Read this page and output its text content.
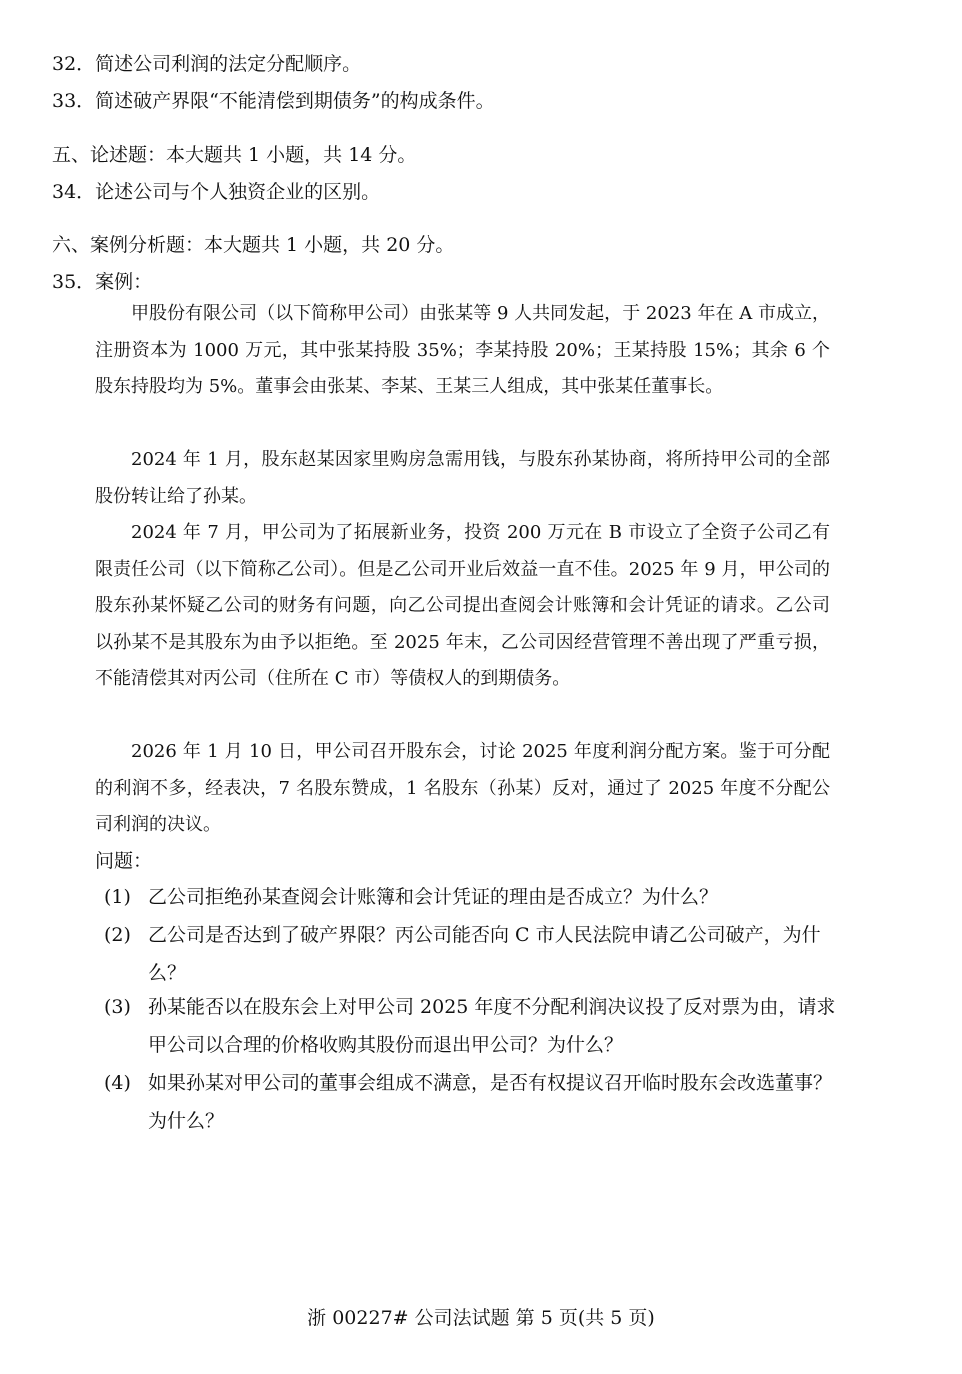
32．简述公司利润的法定分配顺序。
33．简述破产界限“不能清偿到期债务”的构成条件。
五、论述题：本大题共 1 小题，共 14 分。
34．论述公司与个人独资企业的区别。
六、案例分析题：本大题共 1 小题，共 20 分。
35．案例：

甲股份有限公司（以下简称甲公司）由张某等 9 人共同发起，于 2023 年在 A 市成立，注册资本为 1000 万元，其中张某持股 35%；李某持股 20%；王某持股 15%；其余 6 个股东持股均为 5%。董事会由张某、李某、王某三人组成，其中张某任董事长。

2024 年 1 月，股东赵某因家里购房急需用钱，与股东孙某协商，将所持甲公司的全部股份转让给了孙某。

2024 年 7 月，甲公司为了拓展新业务，投资 200 万元在 B 市设立了全资子公司乙有限责任公司（以下简称乙公司）。但是乙公司开业后效益一直不佳。2025 年 9 月，甲公司的股东孙某怀疑乙公司的财务有问题，向乙公司提出查阅会计账簿和会计凭证的请求。乙公司以孙某不是其股东为由予以拒绝。至 2025 年末，乙公司因经营管理不善出现了严重亏损，不能清偿其对丙公司（住所在 C 市）等债权人的到期债务。

2026 年 1 月 10 日，甲公司召开股东会，讨论 2025 年度利润分配方案。鉴于可分配的利润不多，经表决，7 名股东赞成，1 名股东（孙某）反对，通过了 2025 年度不分配公司利润的决议。

问题：
(1) 乙公司拒绝孙某查阅会计账簿和会计凭证的理由是否成立？为什么？
(2) 乙公司是否达到了破产界限？丙公司能否向 C 市人民法院申请乙公司破产，为什么？
(3) 孙某能否以在股东会上对甲公司 2025 年度不分配利润决议投了反对票为由，请求甲公司以合理的价格收购其股份而退出甲公司？为什么？
(4) 如果孙某对甲公司的董事会组成不满意，是否有权提议召开临时股东会改选董事？为什么？
浙 00227# 公司法试题 第 5 页(共 5 页)
